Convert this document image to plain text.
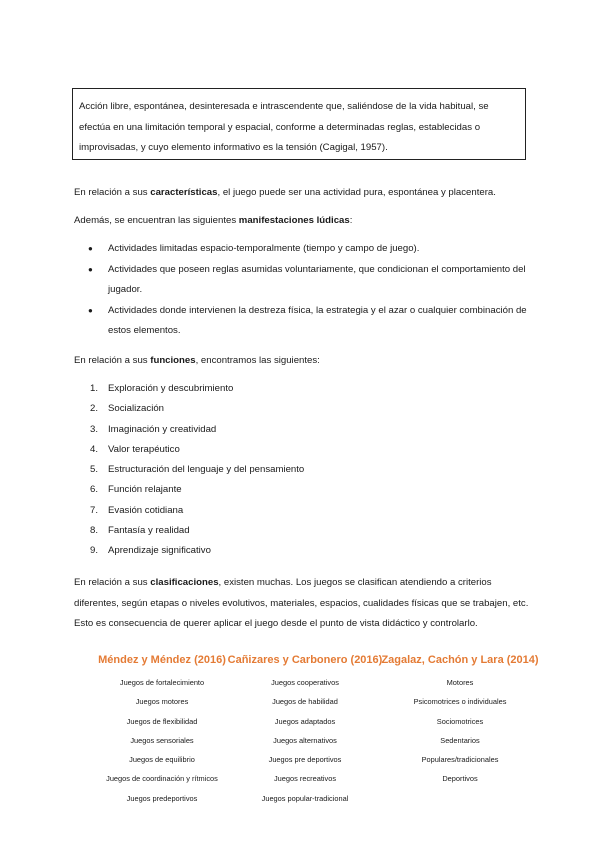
Acción libre, espontánea, desinteresada e intrascendente que, saliéndose de la vida habitual, se efectúa en una limitación temporal y espacial, conforme a determinadas reglas, establecidas o improvisadas, y cuyo elemento informativo es la tensión (Cagigal, 1957).

En relación a sus características, el juego puede ser una actividad pura, espontánea y placentera.

Además, se encuentran las siguientes manifestaciones lúdicas:

● Actividades limitadas espacio-temporalmente (tiempo y campo de juego).
● Actividades que poseen reglas asumidas voluntariamente, que condicionan el comportamiento del jugador.
● Actividades donde intervienen la destreza física, la estrategia y el azar o cualquier combinación de estos elementos.

En relación a sus funciones, encontramos las siguientes:

1. Exploración y descubrimiento
2. Socialización
3. Imaginación y creatividad
4. Valor terapéutico
5. Estructuración del lenguaje y del pensamiento
6. Función relajante
7. Evasión cotidiana
8. Fantasía y realidad
9. Aprendizaje significativo

En relación a sus clasificaciones, existen muchas. Los juegos se clasifican atendiendo a criterios diferentes, según etapas o niveles evolutivos, materiales, espacios, cualidades físicas que se trabajen, etc. Esto es consecuencia de querer aplicar el juego desde el punto de vista didáctico y controlarlo.

Méndez y Méndez (2016)
Juegos de fortalecimiento
Juegos motores
Juegos de flexibilidad
Juegos sensoriales
Juegos de equilibrio
Juegos de coordinación y rítmicos
Juegos predeportivos
Cañizares y Carbonero (2016)
Juegos cooperativos
Juegos de habilidad
Juegos adaptados
Juegos alternativos
Juegos pre deportivos
Juegos recreativos
Juegos popular-tradicional
Zagalaz, Cachón y Lara (2014)
Motores
Psicomotrices o individuales
Sociomotrices
Sedentarios
Populares/tradicionales
Deportivos
